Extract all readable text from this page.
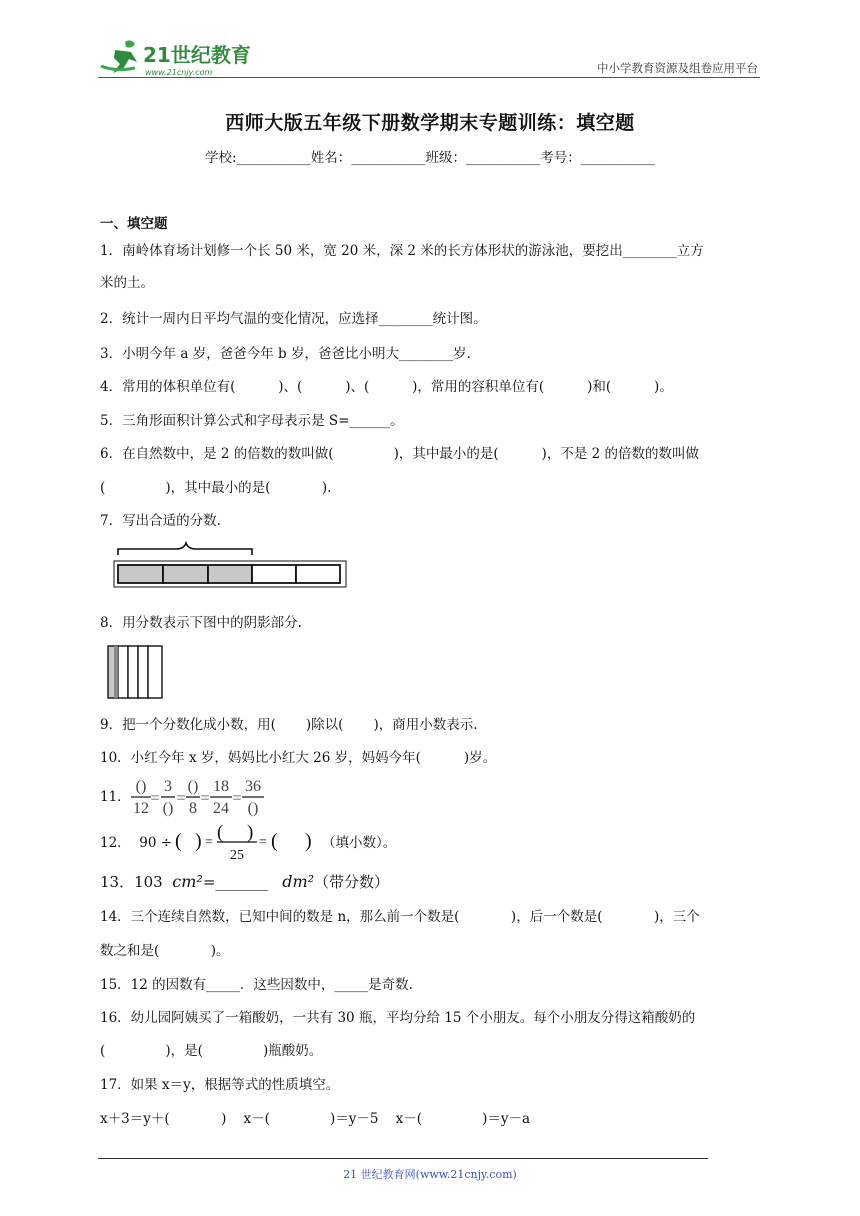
21世纪教育
www.21cnjy.com	中小学教育资源及组卷应用平台
西师大版五年级下册数学期末专题训练：填空题
学校:___________姓名：___________班级：___________考号：___________
一、填空题
1．南岭体育场计划修一个长 50 米，宽 20 米，深 2 米的长方体形状的游泳池，要挖出________立方
米的土。
2．统计一周内日平均气温的变化情况，应选择________统计图。
3．小明今年 a 岁，爸爸今年 b 岁，爸爸比小明大________岁.
4．常用的体积单位有(          )、(          )、(          )，常用的容积单位有(          )和(          )。
5．三角形面积计算公式和字母表示是 S=______。
6．在自然数中，是 2 的倍数的数叫做(              )，其中最小的是(          )，不是 2 的倍数的数叫做
(              )，其中最小的是(            ).
7．写出合适的分数.
8．用分数表示下图中的阴影部分.
9．把一个分数化成小数，用(       )除以(       )，商用小数表示.
10．小红今年 x 岁，妈妈比小红大 26 岁，妈妈今年(          )岁。
11．
()
12
=
3
()
=
()
8
=
18
24
=
36
()
12．  90 ÷ ( ) = ( )
25
= ( ) （填小数）。
13．103 cm²=_______ dm²（带分数）
14．三个连续自然数，已知中间的数是 n，那么前一个数是(            )，后一个数是(            )，三个
数之和是(            )。
15．12 的因数有_____．这些因数中，_____是奇数.
16．幼儿园阿姨买了一箱酸奶，一共有 30 瓶，平均分给 15 个小朋友。每个小朋友分得这箱酸奶的
(              )，是(              )瓶酸奶。
17．如果 x＝y，根据等式的性质填空。
x＋3＝y＋(            )    x－(              )＝y－5    x－(              )＝y－a
21 世纪教育网(www.21cnjy.com)
